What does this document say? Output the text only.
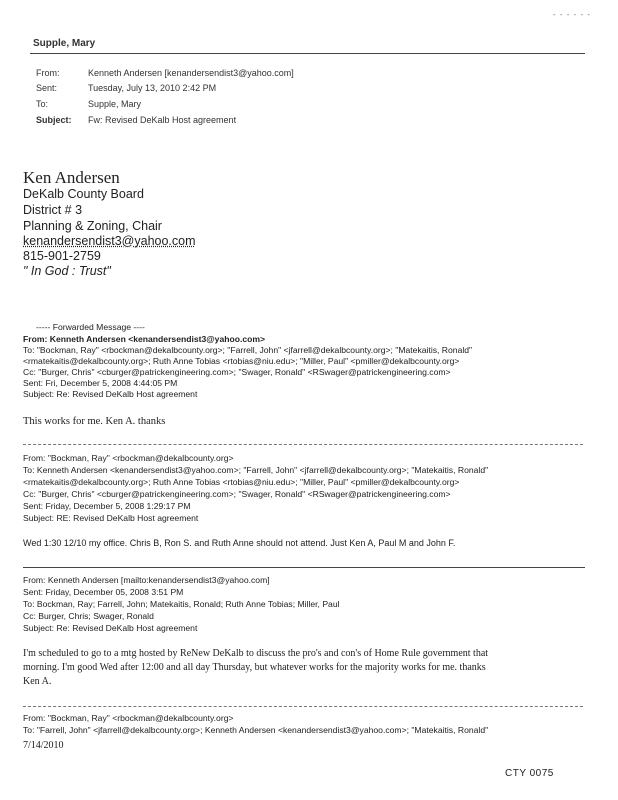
- - - - - -
Supple, Mary
From:	Kenneth Andersen [kenandersendist3@yahoo.com]
Sent:	Tuesday, July 13, 2010 2:42 PM
To:	Supple, Mary
Subject: Fw: Revised DeKalb Host agreement
Ken Andersen
DeKalb County Board
District # 3
Planning & Zoning, Chair
kenandersendist3@yahoo.com
815-901-2759
" In God : Trust"
----- Forwarded Message ----
From: Kenneth Andersen <kenandersendist3@yahoo.com>
To: "Bockman, Ray" <rbockman@dekalbcounty.org>; "Farrell, John" <jfarrell@dekalbcounty.org>; "Matekaitis, Ronald"
<rmatekaitis@dekalbcounty.org>; Ruth Anne Tobias <rtobias@niu.edu>; "Miller, Paul" <pmiller@dekalbcounty.org>
Cc: "Burger, Chris" <cburger@patrickengineering.com>; "Swager, Ronald" <RSwager@patrickengineering.com>
Sent: Fri, December 5, 2008 4:44:05 PM
Subject: Re: Revised DeKalb Host agreement
This works for me. Ken A. thanks
From: "Bockman, Ray" <rbockman@dekalbcounty.org>
To: Kenneth Andersen <kenandersendist3@yahoo.com>; "Farrell, John" <jfarrell@dekalbcounty.org>; "Matekaitis, Ronald"
<rmatekaitis@dekalbcounty.org>; Ruth Anne Tobias <rtobias@niu.edu>; "Miller, Paul" <pmiller@dekalbcounty.org>
Cc: "Burger, Chris" <cburger@patrickengineering.com>; "Swager, Ronald" <RSwager@patrickengineering.com>
Sent: Friday, December 5, 2008 1:29:17 PM
Subject: RE: Revised DeKalb Host agreement
Wed 1:30 12/10 my office. Chris B, Ron S. and Ruth Anne should not attend. Just Ken A, Paul M and John F.
From: Kenneth Andersen [mailto:kenandersendist3@yahoo.com]
Sent: Friday, December 05, 2008 3:51 PM
To: Bockman, Ray; Farrell, John; Matekaitis, Ronald; Ruth Anne Tobias; Miller, Paul
Cc: Burger, Chris; Swager, Ronald
Subject: Re: Revised DeKalb Host agreement
I'm scheduled to go to a mtg hosted by ReNew DeKalb to discuss the pro's and con's of Home Rule government that
morning. I'm good Wed after 12:00 and all day Thursday, but whatever works for the majority works for me. thanks
Ken A.
From: "Bockman, Ray" <rbockman@dekalbcounty.org>
To: "Farrell, John" <jfarrell@dekalbcounty.org>; Kenneth Andersen <kenandersendist3@yahoo.com>; "Matekaitis, Ronald"
7/14/2010
CTY 0075
